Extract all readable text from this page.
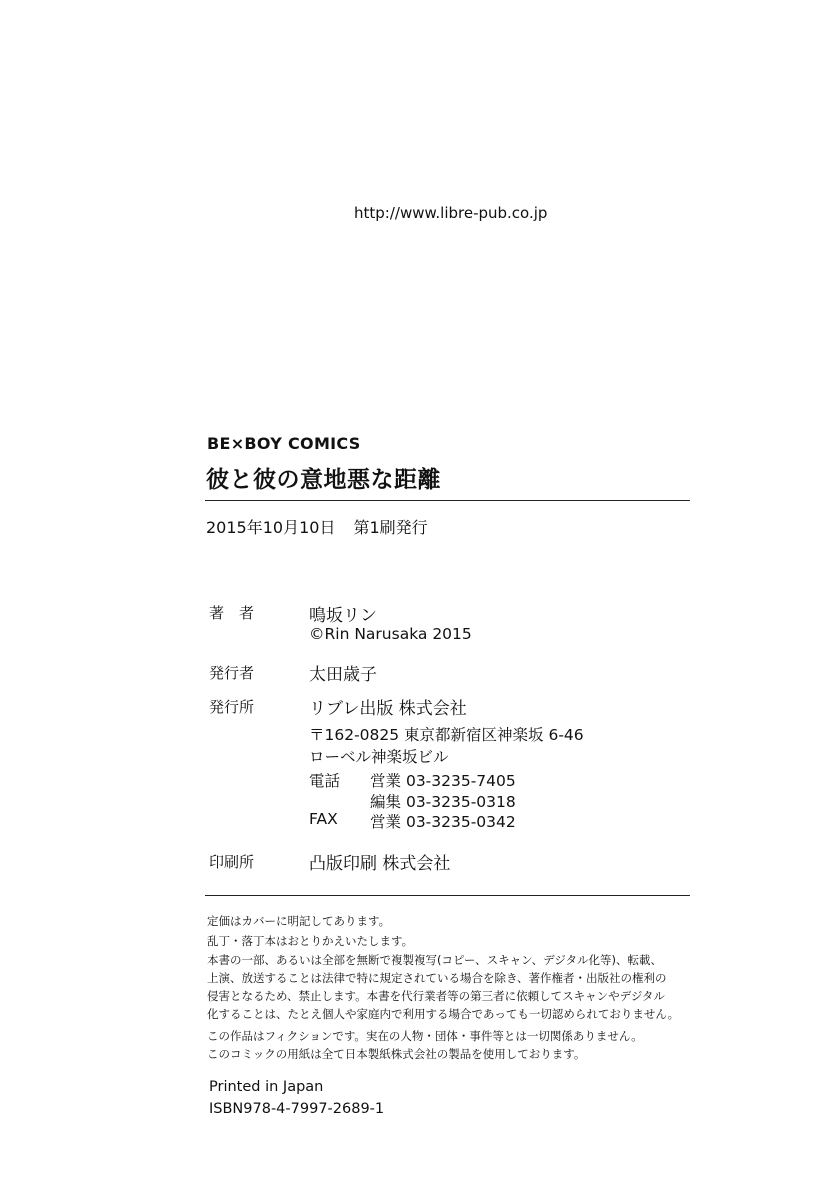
http://www.libre-pub.co.jp
BE×BOY COMICS
彼と彼の意地悪な距離
2015年10月10日 第1刷発行
著　者	鳴坂リン
©Rin Narusaka 2015
発行者	太田歳子
発行所	リブレ出版 株式会社
〒162-0825 東京都新宿区神楽坂 6-46
ローベル神楽坂ビル
電話 営業 03-3235-7405
編集 03-3235-0318
FAX 営業 03-3235-0342
印刷所	凸版印刷 株式会社
定価はカバーに明記してあります。
乱丁・落丁本はおとりかえいたします。
本書の一部、あるいは全部を無断で複製複写(コピー、スキャン、デジタル化等)、転載、
上演、放送することは法律で特に規定されている場合を除き、著作権者・出版社の権利の
侵害となるため、禁止します。本書を代行業者等の第三者に依頼してスキャンやデジタル
化することは、たとえ個人や家庭内で利用する場合であっても一切認められておりません。
この作品はフィクションです。実在の人物・団体・事件等とは一切関係ありません。
このコミックの用紙は全て日本製紙株式会社の製品を使用しております。
Printed in Japan
ISBN978-4-7997-2689-1
